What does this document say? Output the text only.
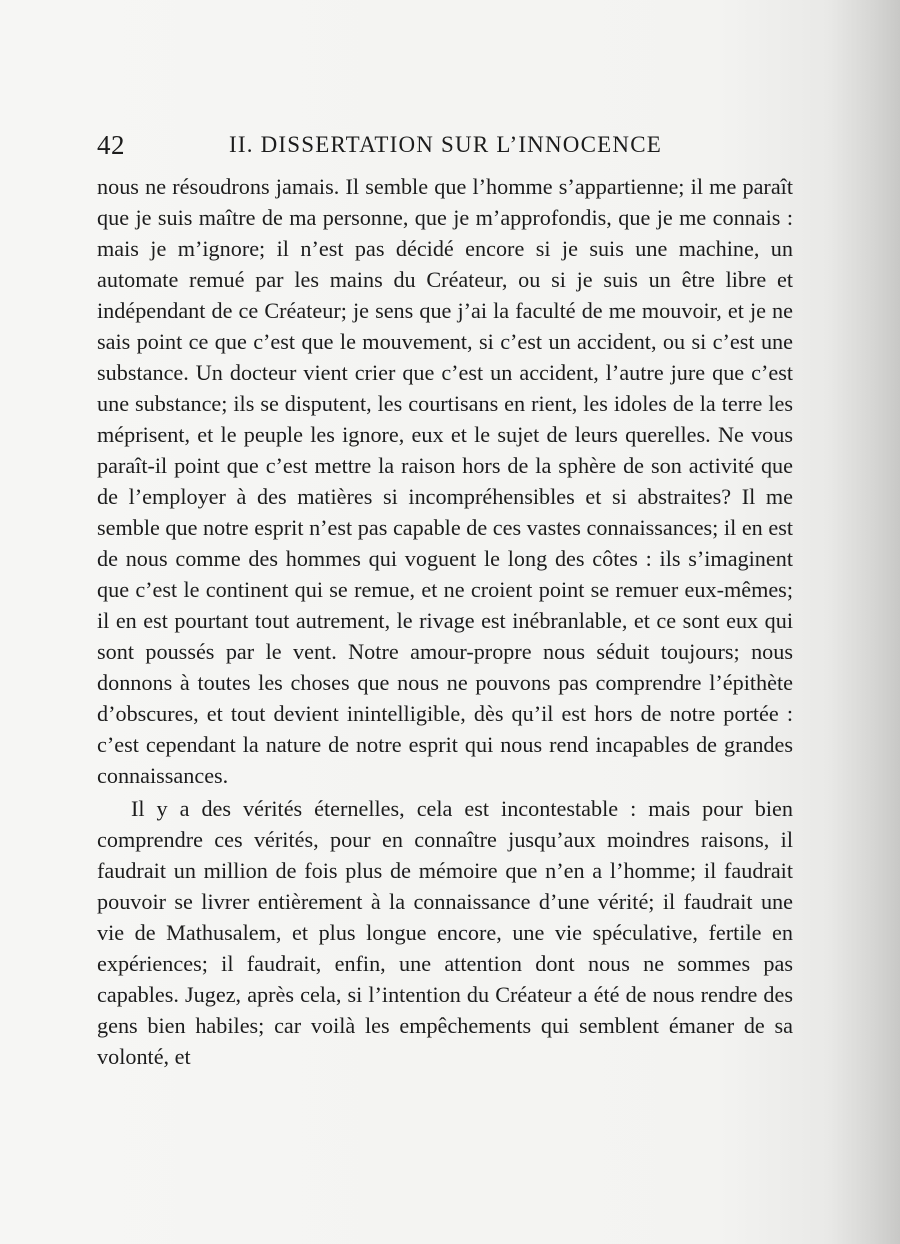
42	II. DISSERTATION SUR L’INNOCENCE

nous ne résoudrons jamais. Il semble que l’homme s’appartienne; il me paraît que je suis maître de ma personne, que je m’approfondis, que je me connais : mais je m’ignore; il n’est pas décidé encore si je suis une machine, un automate remué par les mains du Créateur, ou si je suis un être libre et indépendant de ce Créateur; je sens que j’ai la faculté de me mouvoir, et je ne sais point ce que c’est que le mouvement, si c’est un accident, ou si c’est une substance. Un docteur vient crier que c’est un accident, l’autre jure que c’est une substance; ils se disputent, les courtisans en rient, les idoles de la terre les méprisent, et le peuple les ignore, eux et le sujet de leurs querelles. Ne vous paraît-il point que c’est mettre la raison hors de la sphère de son activité que de l’employer à des matières si incompréhensibles et si abstraites? Il me semble que notre esprit n’est pas capable de ces vastes connaissances; il en est de nous comme des hommes qui voguent le long des côtes : ils s’imaginent que c’est le continent qui se remue, et ne croient point se remuer eux-mêmes; il en est pourtant tout autrement, le rivage est inébranlable, et ce sont eux qui sont poussés par le vent. Notre amour-propre nous séduit toujours; nous donnons à toutes les choses que nous ne pouvons pas comprendre l’épithète d’obscures, et tout devient inintelligible, dès qu’il est hors de notre portée : c’est cependant la nature de notre esprit qui nous rend incapables de grandes connaissances.

Il y a des vérités éternelles, cela est incontestable : mais pour bien comprendre ces vérités, pour en connaître jusqu’aux moindres raisons, il faudrait un million de fois plus de mémoire que n’en a l’homme; il faudrait pouvoir se livrer entièrement à la connaissance d’une vérité; il faudrait une vie de Mathusalem, et plus longue encore, une vie spéculative, fertile en expériences; il faudrait, enfin, une attention dont nous ne sommes pas capables. Jugez, après cela, si l’intention du Créateur a été de nous rendre des gens bien habiles; car voilà les empêchements qui semblent émaner de sa volonté, et
